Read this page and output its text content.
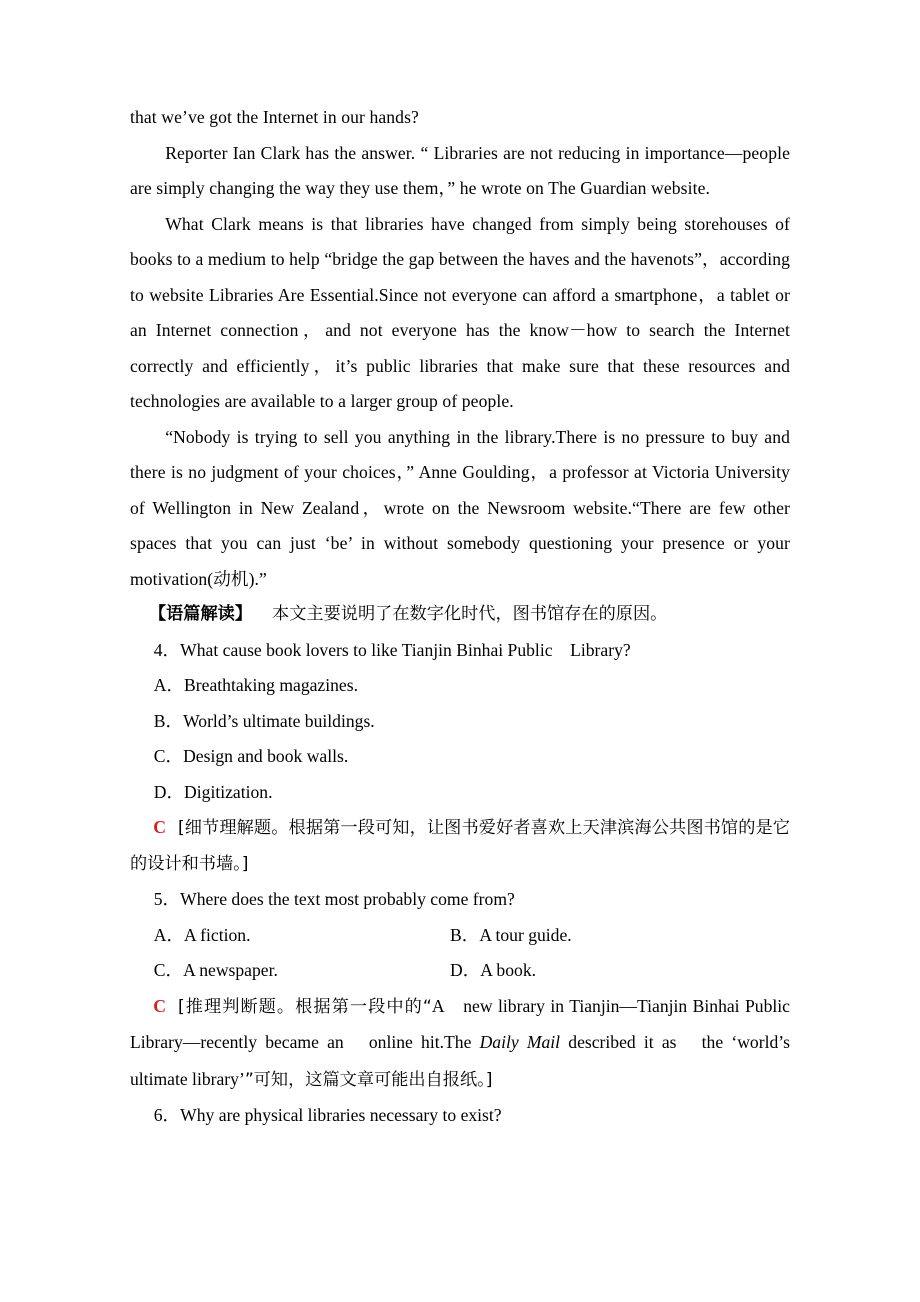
that we’ve got the Internet in our hands?

Reporter Ian Clark has the answer. “ Libraries are not reducing in importance—people are simply changing the way they use them，” he wrote on The Guardian website.

What Clark means is that libraries have changed from simply being storehouses of books to a medium to help “bridge the gap between the haves and the havenots”，according to website Libraries Are Essential.Since not everyone can afford a smartphone，a tablet or an Internet connection，and not everyone has the know－how to search the Internet correctly and efficiently，it’s public libraries that make sure that these resources and technologies are available to a larger group of people.

“Nobody is trying to sell you anything in the library.There is no pressure to buy and there is no judgment of your choices，” Anne Goulding，a professor at Victoria University of Wellington in New Zealand，wrote on the Newsroom website.“There are few other spaces that you can just ‘be’ in without somebody questioning your presence or your motivation(动机).”

【语篇解读】 本文主要说明了在数字化时代，图书馆存在的原因。

4．What cause book lovers to like Tianjin Binhai Public　Library?

A．Breathtaking magazines.

B．World’s ultimate buildings.

C．Design and book walls.

D．Digitization.

C [细节理解题。根据第一段可知，让图书爱好者喜欢上天津滨海公共图书馆的是它的设计和书墙。]

5．Where does the text most probably come from?

A．A fiction.	B．A tour guide.

C．A newspaper.	D．A book.

C [推理判断题。根据第一段中的“A　new library in Tianjin—Tianjin Binhai Public Library—recently became an　online hit.The Daily Mail described it as　the ‘world’s ultimate library’”可知，这篇文章可能出自报纸。]

6．Why are physical libraries necessary to exist?
